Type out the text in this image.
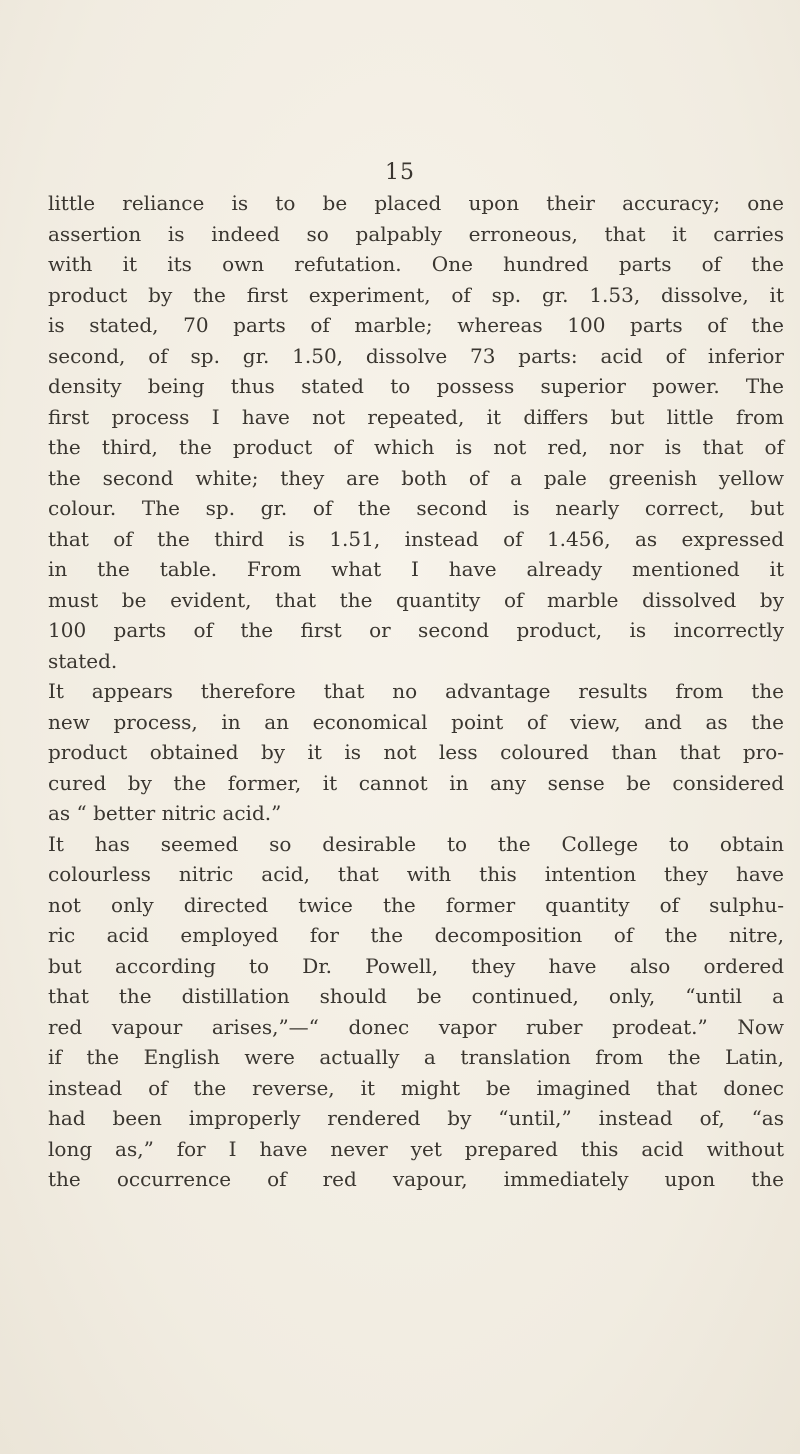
15
little reliance is to be placed upon their accuracy; one
assertion is indeed so palpably erroneous, that it carries
with it its own refutation. One hundred parts of the
product by the first experiment, of sp. gr. 1.53, dissolve, it
is stated, 70 parts of marble; whereas 100 parts of the
second, of sp. gr. 1.50, dissolve 73 parts: acid of inferior
density being thus stated to possess superior power. The
first process I have not repeated, it differs but little from
the third, the product of which is not red, nor is that of
the second white; they are both of a pale greenish yellow
colour. The sp. gr. of the second is nearly correct, but
that of the third is 1.51, instead of 1.456, as expressed
in the table. From what I have already mentioned it
must be evident, that the quantity of marble dissolved by
100 parts of the first or second product, is incorrectly
stated.
It appears therefore that no advantage results from the
new process, in an economical point of view, and as the
product obtained by it is not less coloured than that pro-
cured by the former, it cannot in any sense be considered
as “ better nitric acid.”
It has seemed so desirable to the College to obtain
colourless nitric acid, that with this intention they have
not only directed twice the former quantity of sulphu-
ric acid employed for the decomposition of the nitre,
but according to Dr. Powell, they have also ordered
that the distillation should be continued, only, “until a
red vapour arises,”—“ donec vapor ruber prodeat.” Now
if the English were actually a translation from the Latin,
instead of the reverse, it might be imagined that donec
had been improperly rendered by “until,” instead of, “as
long as,” for I have never yet prepared this acid without
the occurrence of red vapour, immediately upon the
